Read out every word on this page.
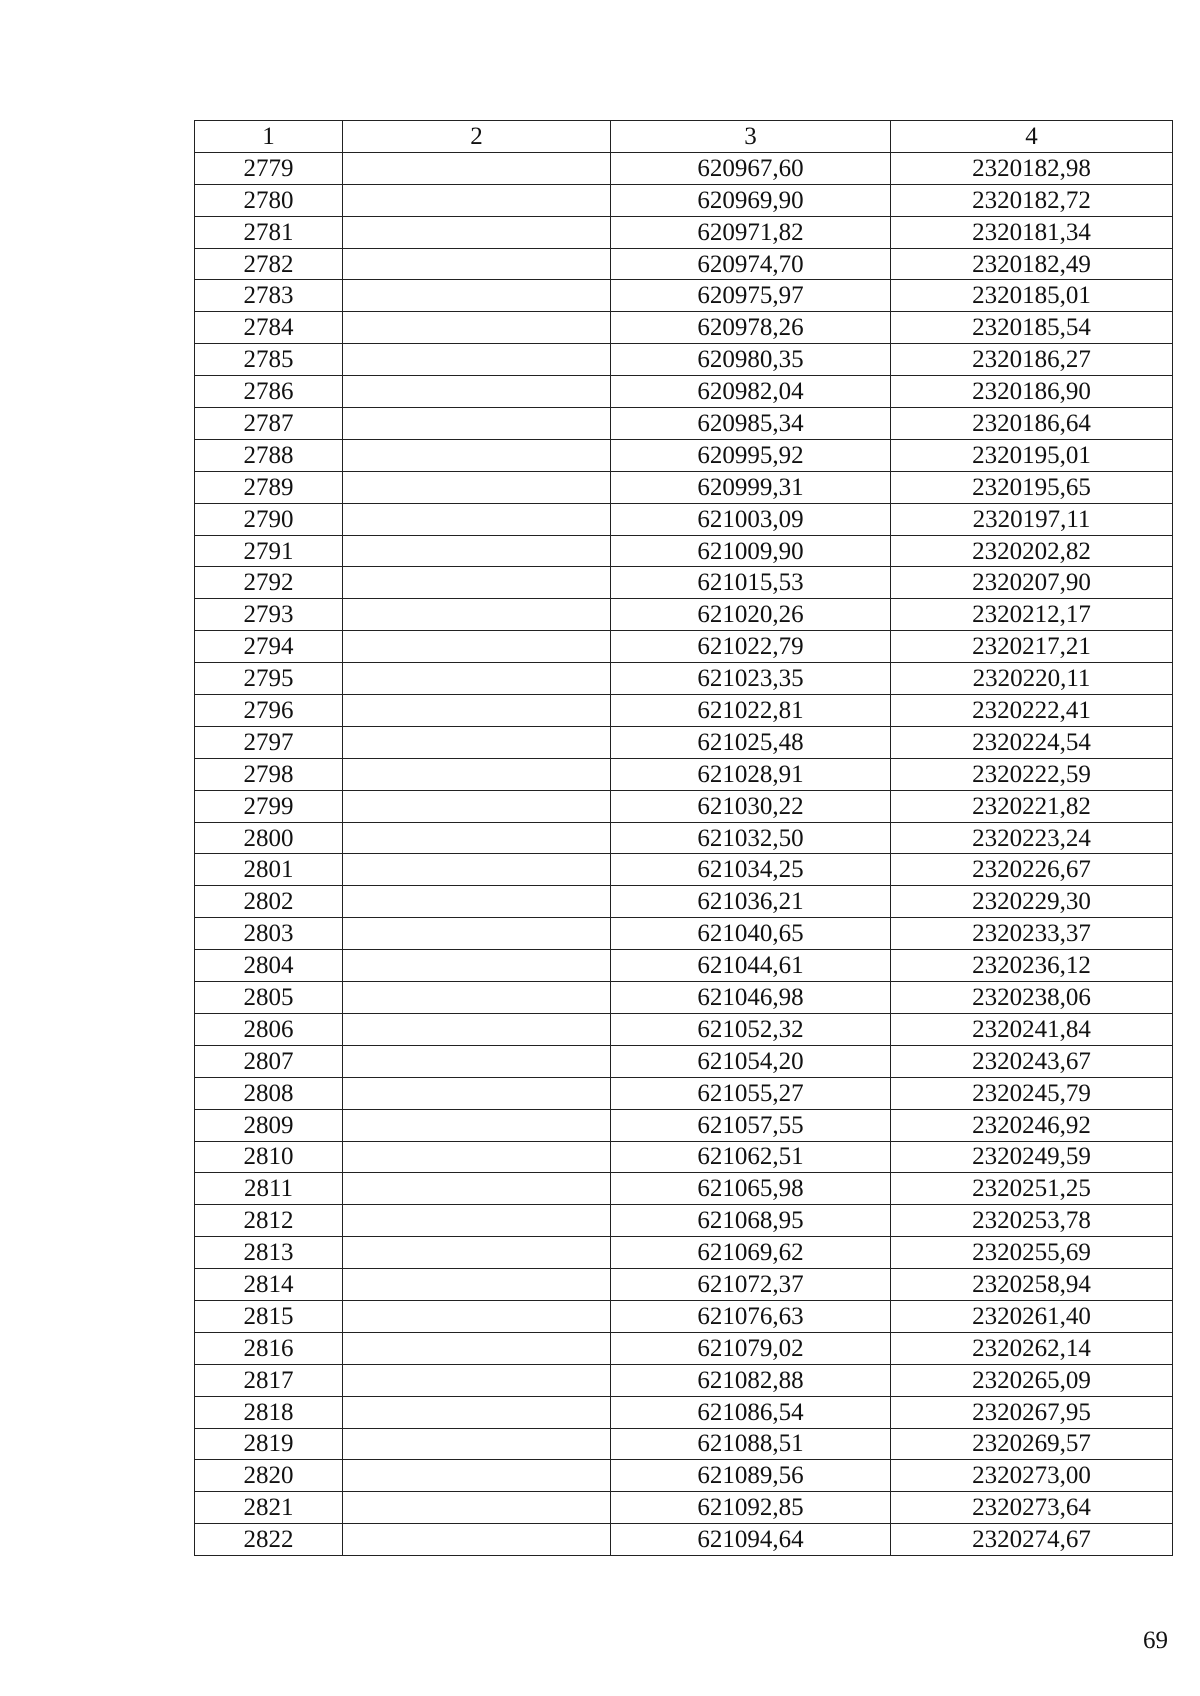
1	2	3	4
2779		620967,60	2320182,98
2780		620969,90	2320182,72
2781		620971,82	2320181,34
2782		620974,70	2320182,49
2783		620975,97	2320185,01
2784		620978,26	2320185,54
2785		620980,35	2320186,27
2786		620982,04	2320186,90
2787		620985,34	2320186,64
2788		620995,92	2320195,01
2789		620999,31	2320195,65
2790		621003,09	2320197,11
2791		621009,90	2320202,82
2792		621015,53	2320207,90
2793		621020,26	2320212,17
2794		621022,79	2320217,21
2795		621023,35	2320220,11
2796		621022,81	2320222,41
2797		621025,48	2320224,54
2798		621028,91	2320222,59
2799		621030,22	2320221,82
2800		621032,50	2320223,24
2801		621034,25	2320226,67
2802		621036,21	2320229,30
2803		621040,65	2320233,37
2804		621044,61	2320236,12
2805		621046,98	2320238,06
2806		621052,32	2320241,84
2807		621054,20	2320243,67
2808		621055,27	2320245,79
2809		621057,55	2320246,92
2810		621062,51	2320249,59
2811		621065,98	2320251,25
2812		621068,95	2320253,78
2813		621069,62	2320255,69
2814		621072,37	2320258,94
2815		621076,63	2320261,40
2816		621079,02	2320262,14
2817		621082,88	2320265,09
2818		621086,54	2320267,95
2819		621088,51	2320269,57
2820		621089,56	2320273,00
2821		621092,85	2320273,64
2822		621094,64	2320274,67
69
